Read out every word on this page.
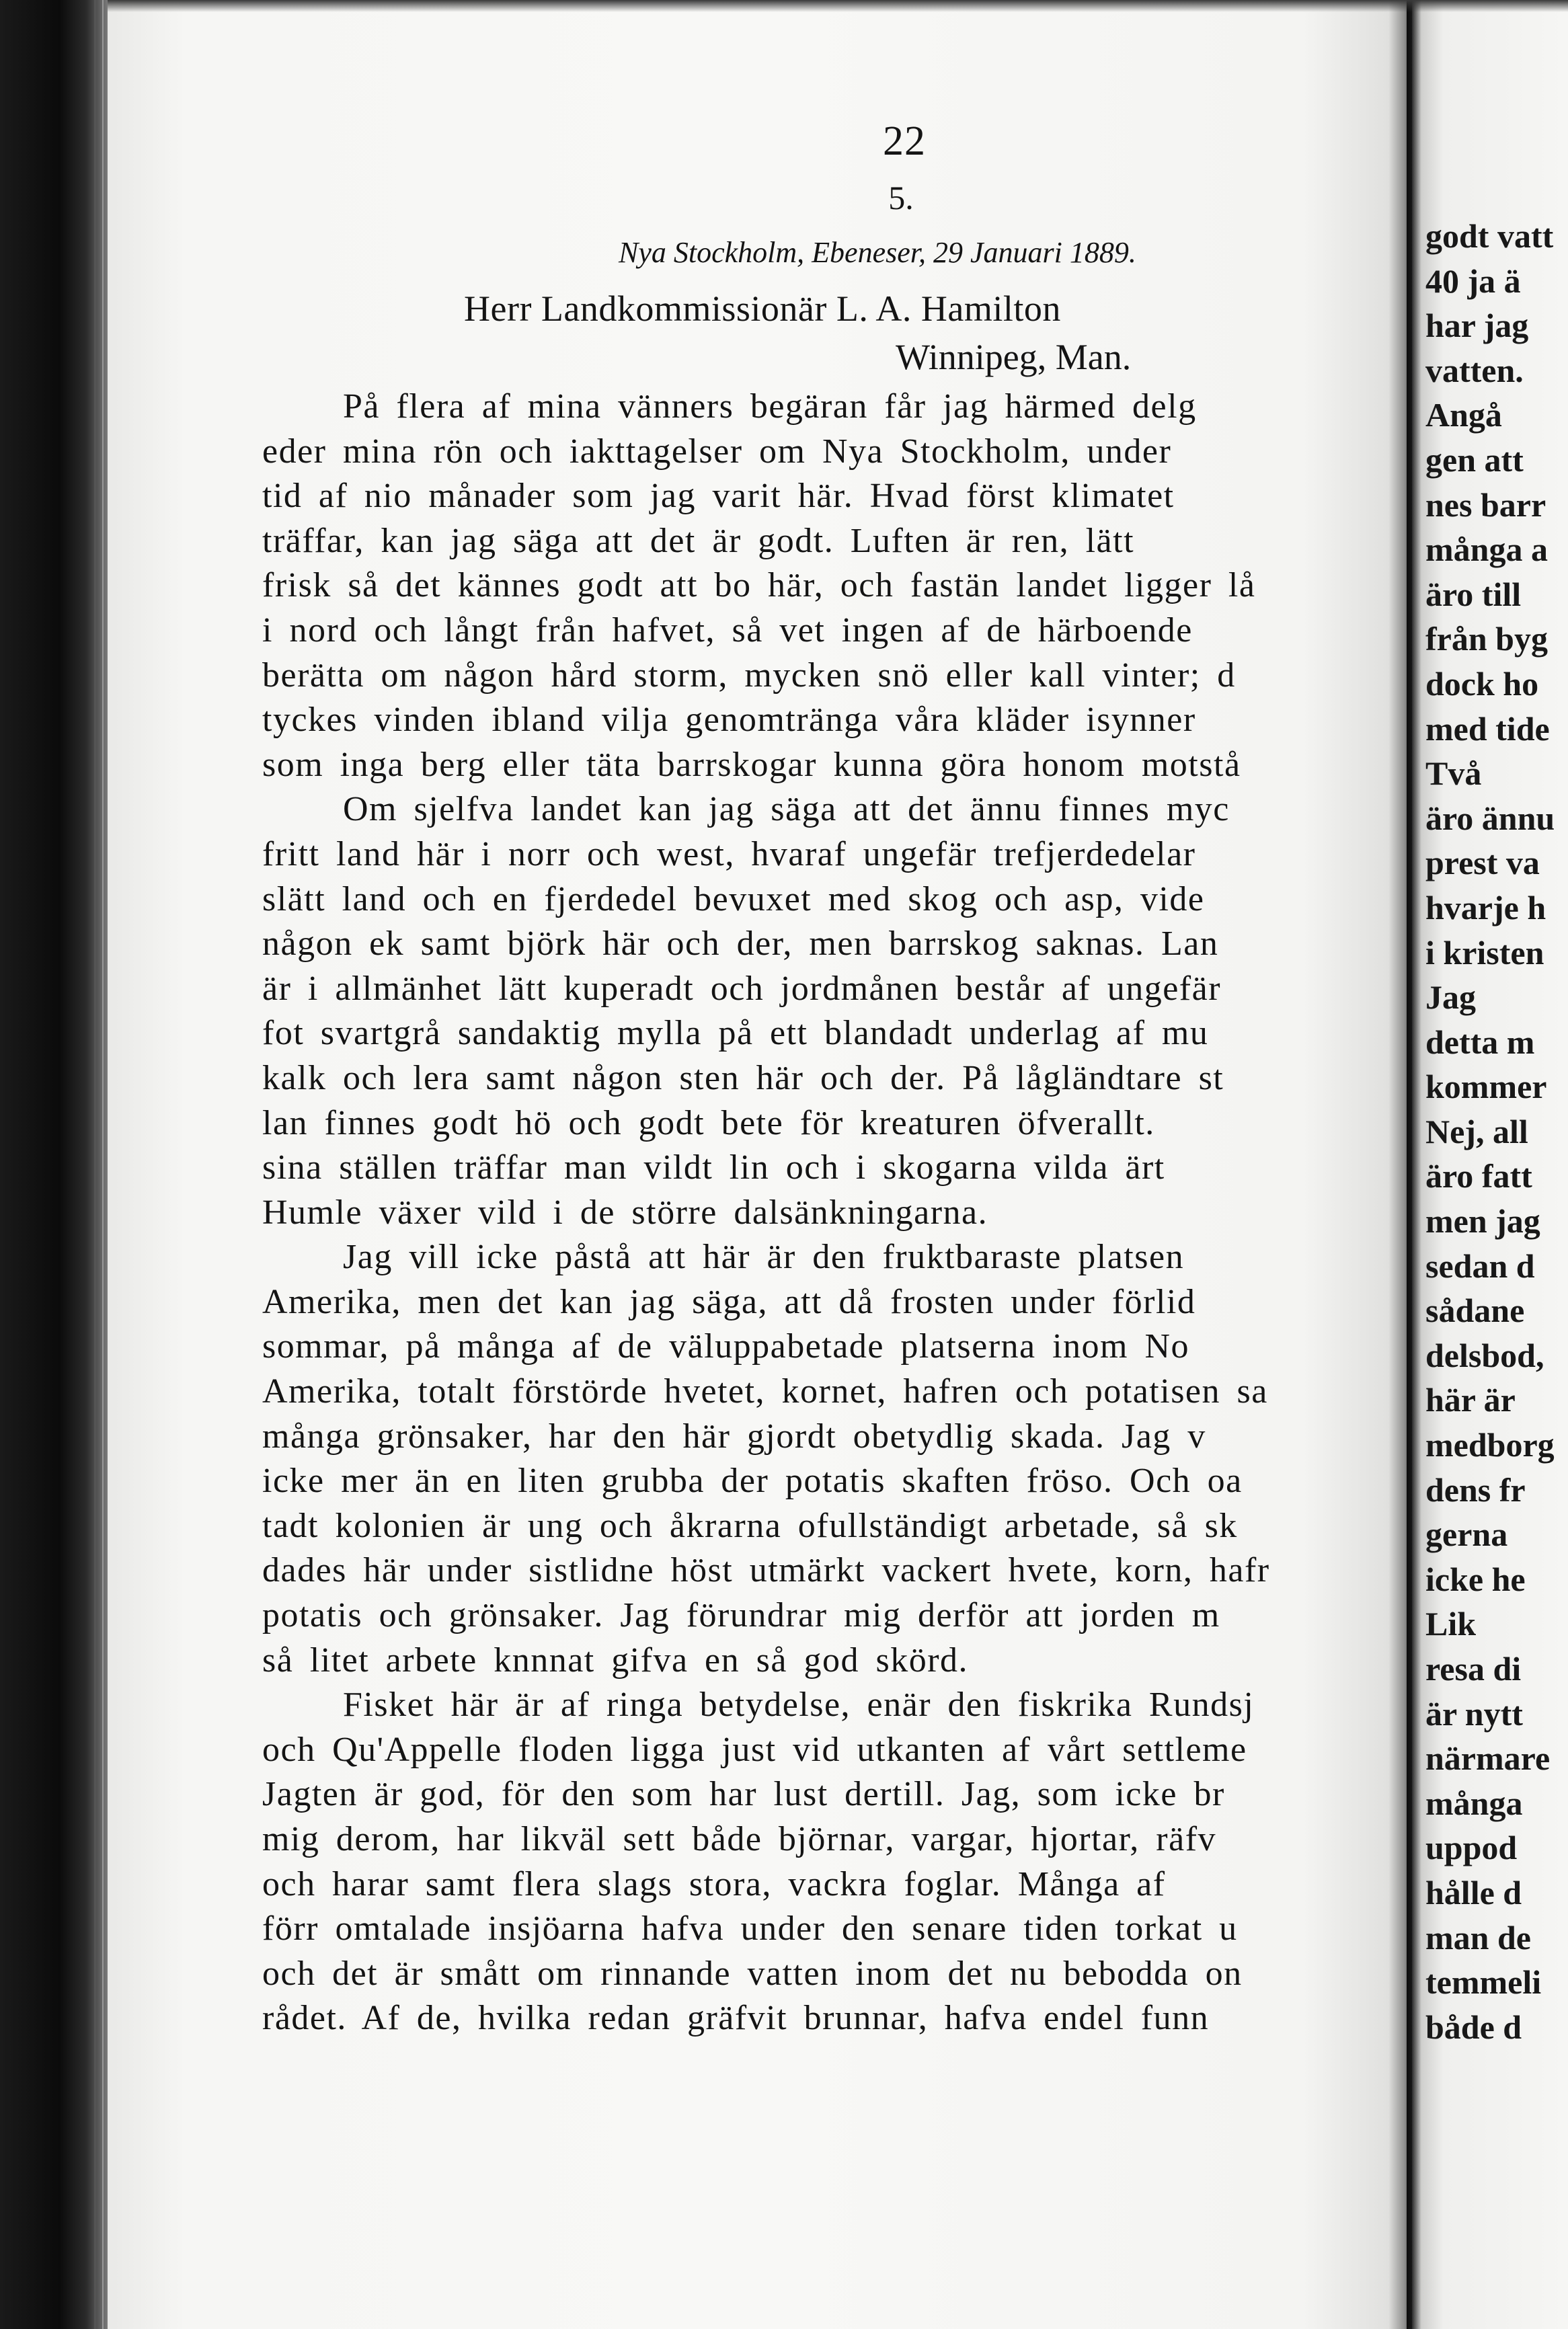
22
5.
Nya Stockholm, Ebeneser, 29 Januari 1889.
Herr Landkommissionär L. A. Hamilton
Winnipeg, Man.
På flera af mina vänners begäran får jag härmed delg
eder mina rön och iakttagelser om Nya Stockholm, under
tid af nio månader som jag varit här. Hvad först klimatet
träffar, kan jag säga att det är godt. Luften är ren, lätt
frisk så det kännes godt att bo här, och fastän landet ligger lå
i nord och långt från hafvet, så vet ingen af de härboende
berätta om någon hård storm, mycken snö eller kall vinter; d
tyckes vinden ibland vilja genomtränga våra kläder isynner
som inga berg eller täta barrskogar kunna göra honom motstå
Om sjelfva landet kan jag säga att det ännu finnes myc
fritt land här i norr och west, hvaraf ungefär trefjerdedelar
slätt land och en fjerdedel bevuxet med skog och asp, vide
någon ek samt björk här och der, men barrskog saknas. Lan
är i allmänhet lätt kuperadt och jordmånen består af ungefär
fot svartgrå sandaktig mylla på ett blandadt underlag af mu
kalk och lera samt någon sten här och der. På lågländtare st
lan finnes godt hö och godt bete för kreaturen öfverallt.
sina ställen träffar man vildt lin och i skogarna vilda ärt
Humle växer vild i de större dalsänkningarna.
Jag vill icke påstå att här är den fruktbaraste platsen
Amerika, men det kan jag säga, att då frosten under förlid
sommar, på många af de väluppabetade platserna inom No
Amerika, totalt förstörde hvetet, kornet, hafren och potatisen sa
många grönsaker, har den här gjordt obetydlig skada. Jag v
icke mer än en liten grubba der potatis skaften fröso. Och oa
tadt kolonien är ung och åkrarna ofullständigt arbetade, så sk
dades här under sistlidne höst utmärkt vackert hvete, korn, hafr
potatis och grönsaker. Jag förundrar mig derför att jorden m
så litet arbete knnnat gifva en så god skörd.
Fisket här är af ringa betydelse, enär den fiskrika Rundsj
och Qu'Appelle floden ligga just vid utkanten af vårt settleme
Jagten är god, för den som har lust dertill. Jag, som icke br
mig derom, har likväl sett både björnar, vargar, hjortar, räfv
och harar samt flera slags stora, vackra foglar. Många af
förr omtalade insjöarna hafva under den senare tiden torkat u
och det är smått om rinnande vatten inom det nu bebodda on
rådet. Af de, hvilka redan gräfvit brunnar, hafva endel funn
godt vatt
40 ja ä
har jag
vatten.
Angå
gen att
nes barr
många a
äro till
från byg
dock ho
med tide
Två
äro ännu
prest va
hvarje h
i kristen
Jag
detta m
kommer
Nej, all
äro fatt
men jag
sedan d
sådane
delsbod,
här är
medborg
dens fr
gerna
icke he
Lik
resa di
är nytt
närmare
många
uppod
hålle d
man de
temmeli
både d
